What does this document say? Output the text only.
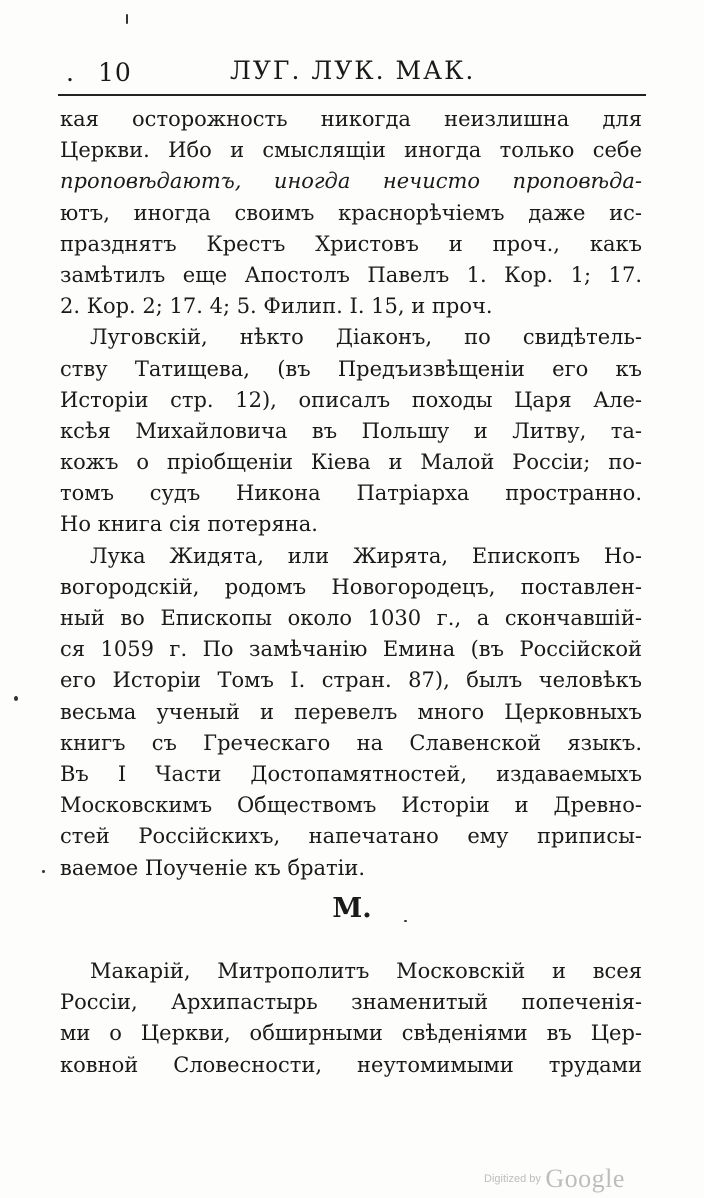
. 10	ЛУГ. ЛУК. МАК.
кая осторожность никогда неизлишна для
Церкви. Ибо и смыслящіи иногда только себе
проповѣдаютъ, иногда нечисто проповѣда-
ютъ, иногда своимъ краснорѣчіемъ даже ис-
празднятъ Крестъ Христовъ и проч., какъ
замѣтилъ еще Апостолъ Павелъ 1. Кор. 1; 17.
2. Кор. 2; 17. 4; 5. Филип. I. 15, и проч.
Луговскій, нѣкто Діаконъ, по свидѣтель-
ству Татищева, (въ Предъизвѣщеніи его къ
Исторіи стр. 12), описалъ походы Царя Але-
ксѣя Михайловича въ Польшу и Литву, та-
кожъ о пріобщеніи Кіева и Малой Россіи; по-
томъ судъ Никона Патріарха пространно.
Но книга сія потеряна.
Лука Жидята, или Жирята, Епископъ Но-
вогородскій, родомъ Новогородецъ, поставлен-
ный во Епископы около 1030 г., а скончавшій-
ся 1059 г. По замѣчанію Емина (въ Россійской
его Исторіи Томъ I. стран. 87), былъ человѣкъ
весьма ученый и перевелъ много Церковныхъ
книгъ съ Греческаго на Славенской языкъ.
Въ I Части Достопамятностей, издаваемыхъ
Московскимъ Обществомъ Исторіи и Древно-
стей Россійскихъ, напечатано ему приписы-
ваемое Поученіе къ братіи.
М.
Макарій, Митрополитъ Московскій и всея
Россіи, Архипастырь знаменитый попеченія-
ми о Церкви, обширными свѣденіями въ Цер-
ковной Словесности, неутомимыми трудами
Digitized by Google
